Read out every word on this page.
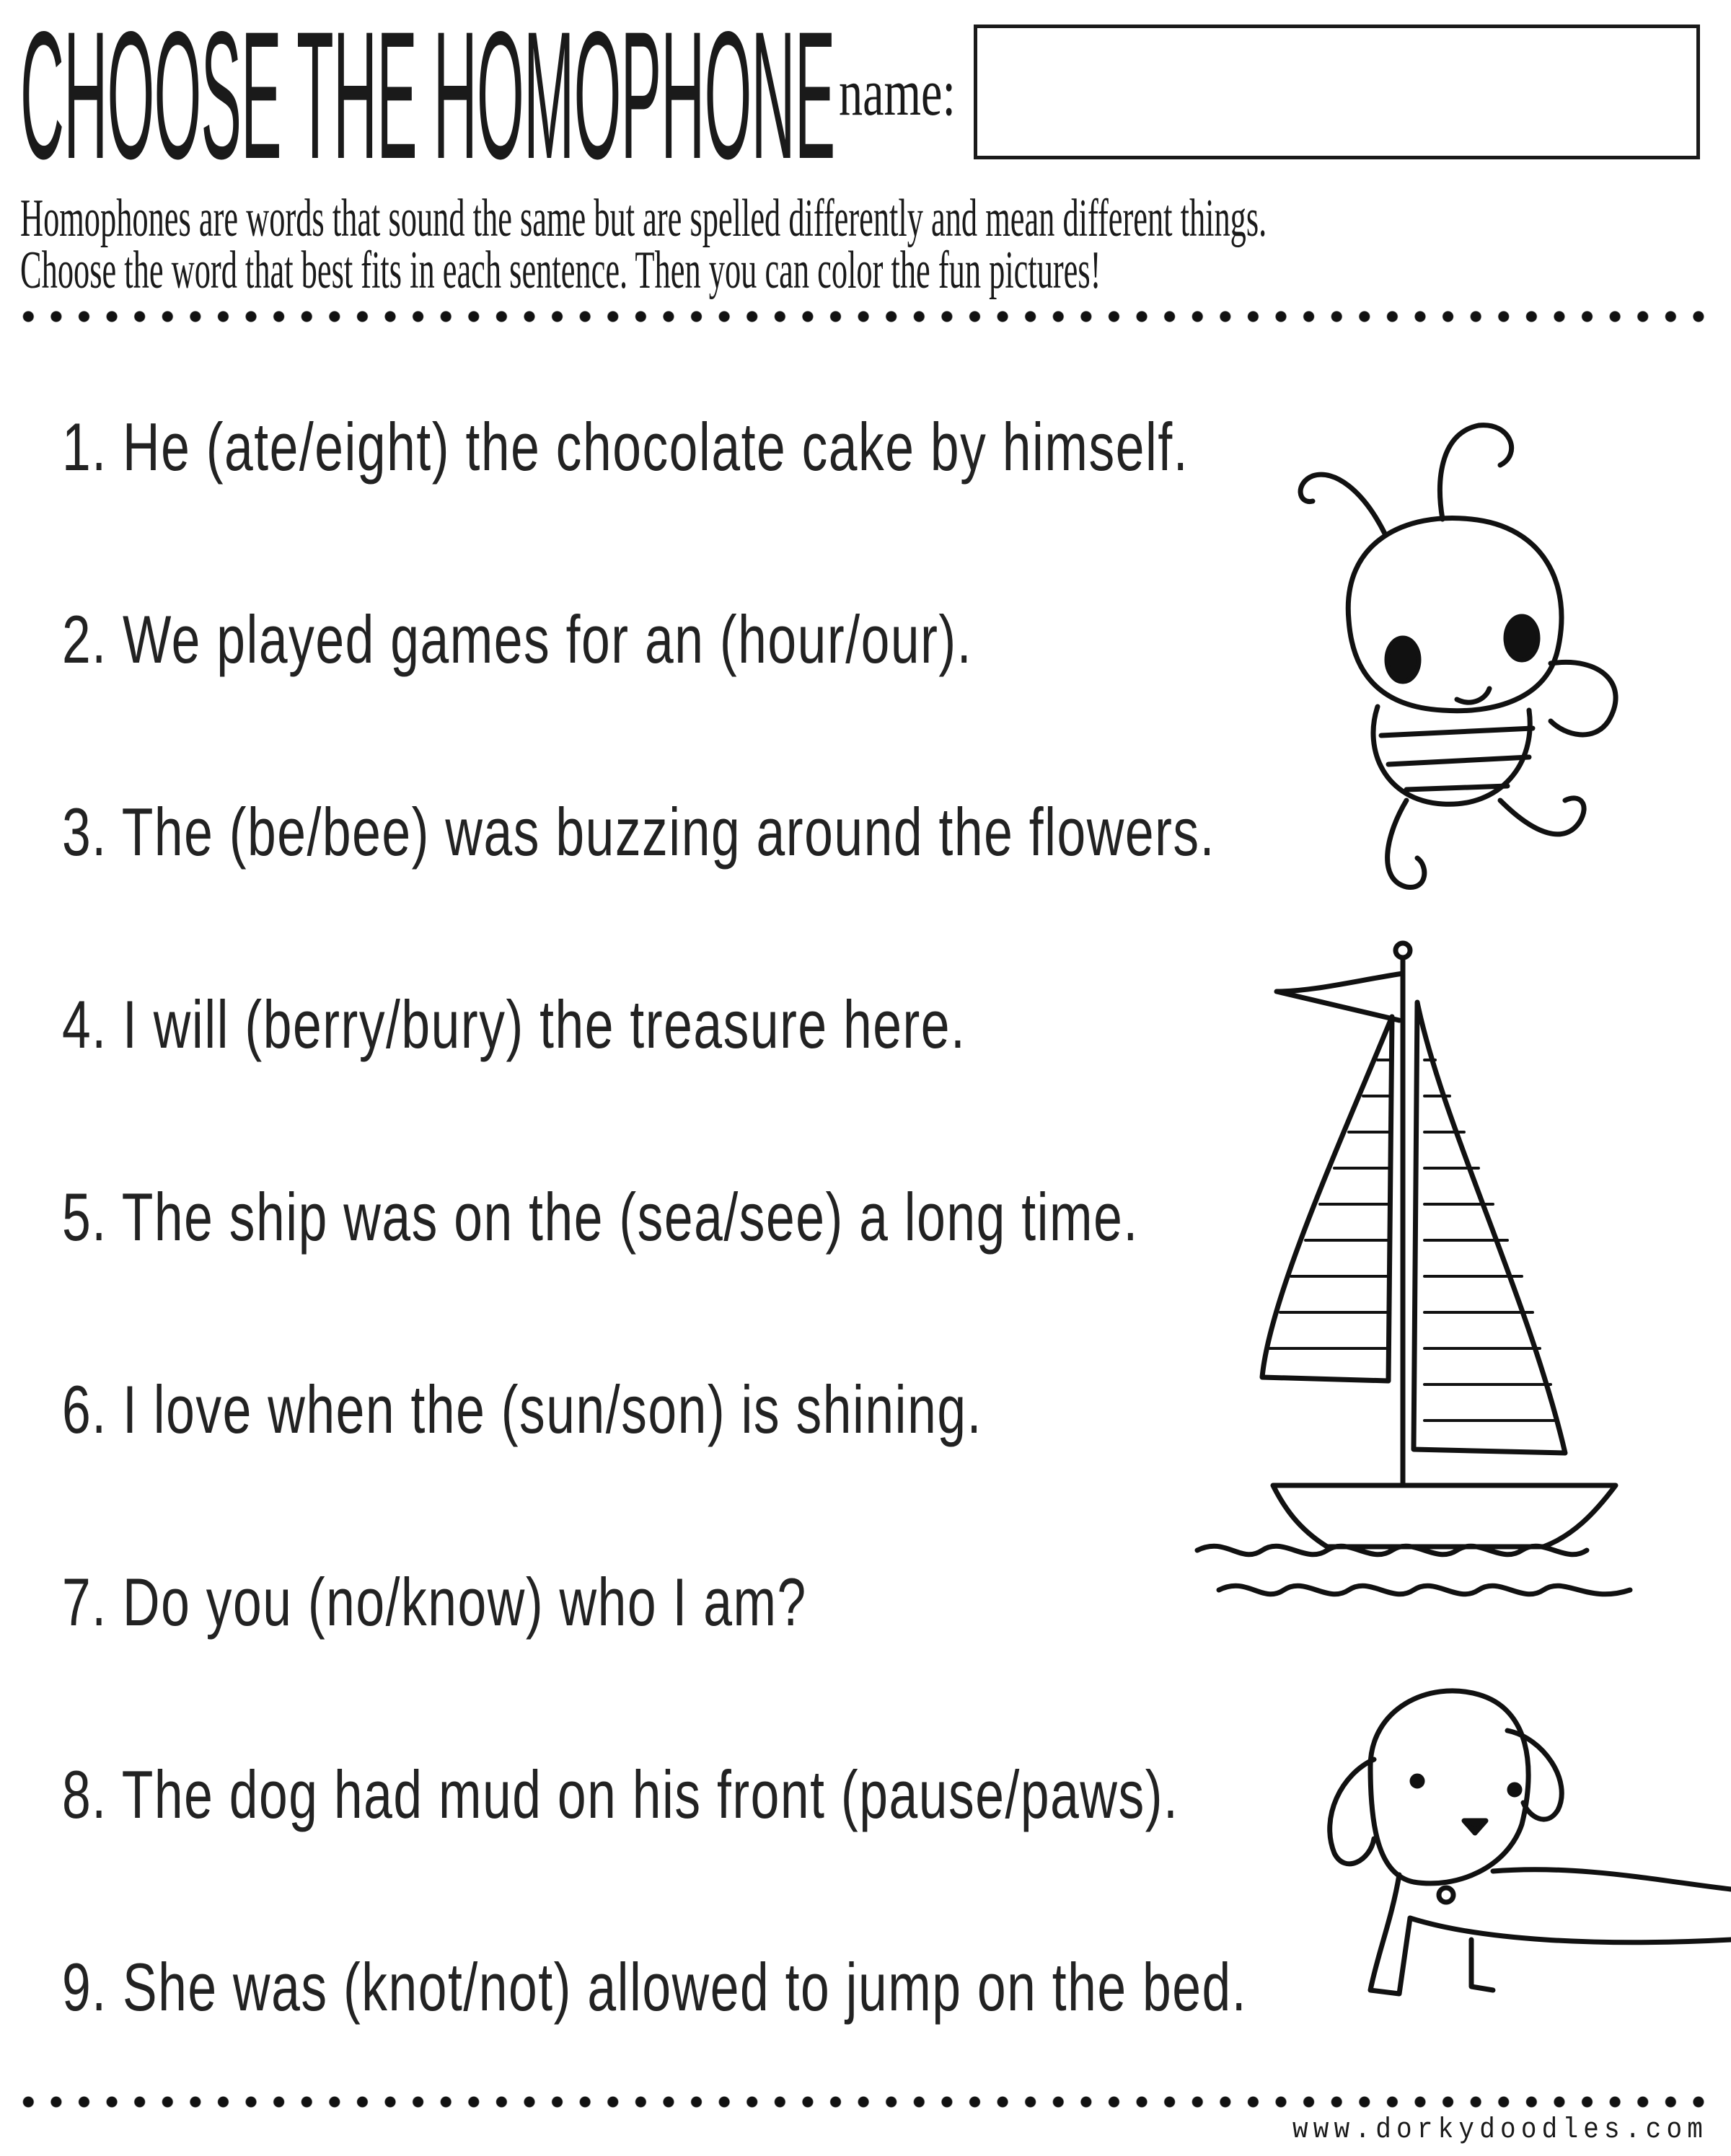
CHOOSE THE HOMOPHONE name:
Homophones are words that sound the same but are spelled differently and mean different things.
Choose the word that best fits in each sentence. Then you can color the fun pictures!
1. He (ate/eight) the chocolate cake by himself.
2. We played games for an (hour/our).
3. The (be/bee) was buzzing around the flowers.
4. I will (berry/bury) the treasure here.
5. The ship was on the (sea/see) a long time.
6. I love when the (sun/son) is shining.
7. Do you (no/know) who I am?
8. The dog had mud on his front (pause/paws).
9. She was (knot/not) allowed to jump on the bed.
www.dorkydoodles.com
